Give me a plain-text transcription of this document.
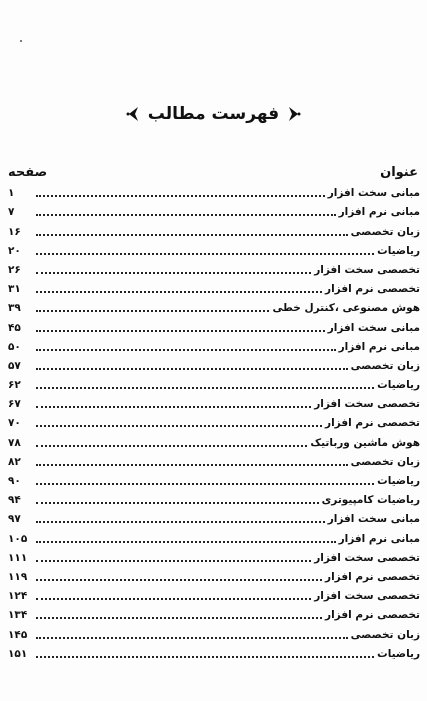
فهرست مطالب
صفحه	عنوان
مبانی سخت افزار
۱
مبانی نرم افزار
۷
زبان تخصصی
۱۶
ریاضیات
۲۰
تخصصی سخت افزار
۲۶
تخصصی نرم افزار
۳۱
هوش مصنوعی ،کنترل خطی
۳۹
مبانی سخت افزار
۴۵
مبانی نرم افزار
۵۰
زبان تخصصی
۵۷
ریاضیات
۶۲
تخصصی سخت افزار
۶۷
تخصصی نرم افزار
۷۰
هوش ماشین ورباتیک
۷۸
زبان تخصصی
۸۲
ریاضیات
۹۰
ریاضیات کامپیوتری
۹۴
مبانی سخت افزار
۹۷
مبانی نرم افزار
۱۰۵
تخصصی سخت افزار
۱۱۱
تخصصی نرم افزار
۱۱۹
تخصصی سخت افزار
۱۲۴
تخصصی نرم افزار
۱۳۴
زبان تخصصی
۱۴۵
ریاضیات
۱۵۱
